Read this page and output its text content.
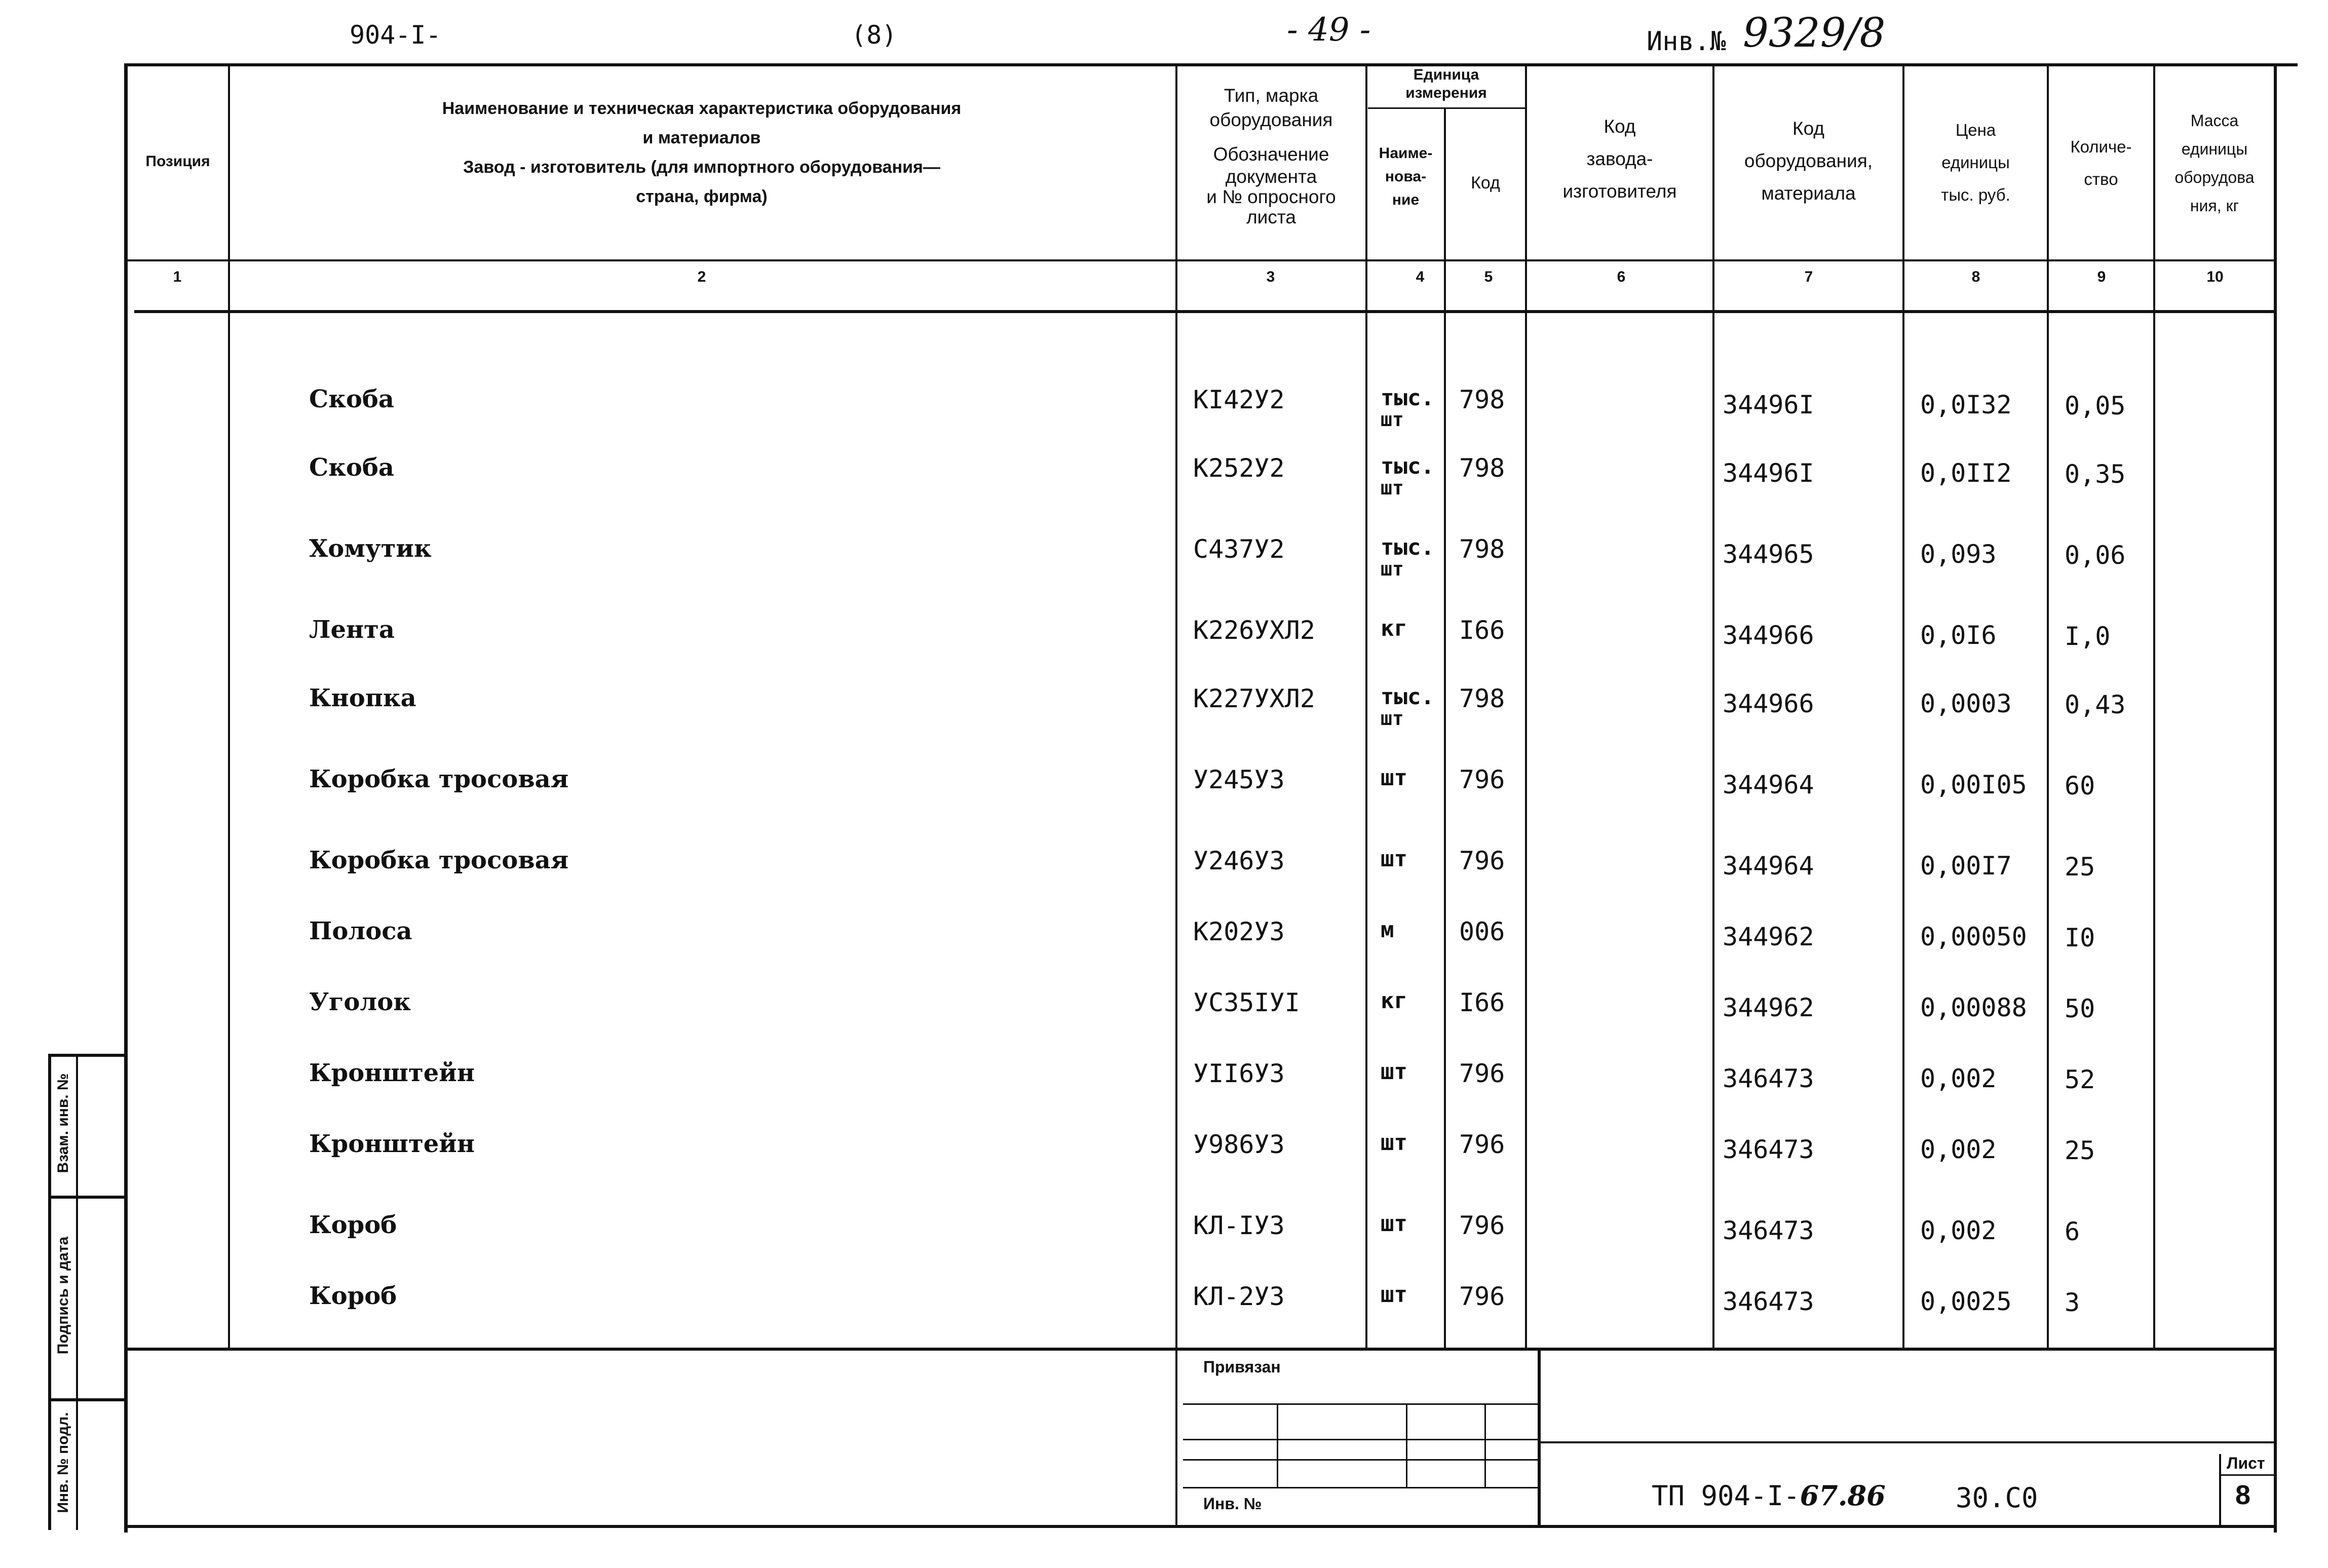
904-I-	(8)	- 49 -	Инв.№ 9329/8
Позиция
Наименование и техническая характеристика оборудования
и материалов
Завод - изготовитель (для импортного оборудования—
страна, фирма)
Тип, марка
оборудования
Обозначение
документа
и № опросного
листа
Единица
измерения
Наиме-
нова-
ние
Код
Код
завода-
изготовителя
Код
оборудования,
материала
Цена
единицы
тыс. руб.
Количе-
ство
Масса
единицы
оборудова
ния, кг
1	2	3	4	5	6	7	8	9	10
Скоба	КI42У2	тыс.
шт
798	34496I	0,0I32 0,05
Скоба	К252У2	тыс.
шт
798	34496I	0,0II2 0,35
Хомутик	С437У2	тыс.
шт
798	344965	0,093	0,06
Лента	К226УХЛ2	кг I66	344966	0,0I6	I,0
Кнопка	К227УХЛ2	тыс.
шт
798	344966	0,0003 0,43
Коробка тросовая	У245У3	шт 796	344964	0,00I05 60
Коробка тросовая	У246У3	шт 796	344964	0,00I7 25
Полоса	К202У3	м	006	344962	0,00050 I0
Уголок	УС35IУI	кг I66	344962	0,00088 50
Кронштейн	УII6У3	шт 796	346473	0,002	52
Кронштейн	У986У3	шт 796	346473	0,002	25
Короб	КЛ-IУ3	шт 796	346473	0,002	6
Короб	КЛ-2У3	шт 796	346473	0,0025 3
Привязан
Инв. №	ТП 904-I-67.86	30.С0
Лист
8
Взам. инв. №
Подпись и дата
Инв. № подл.
